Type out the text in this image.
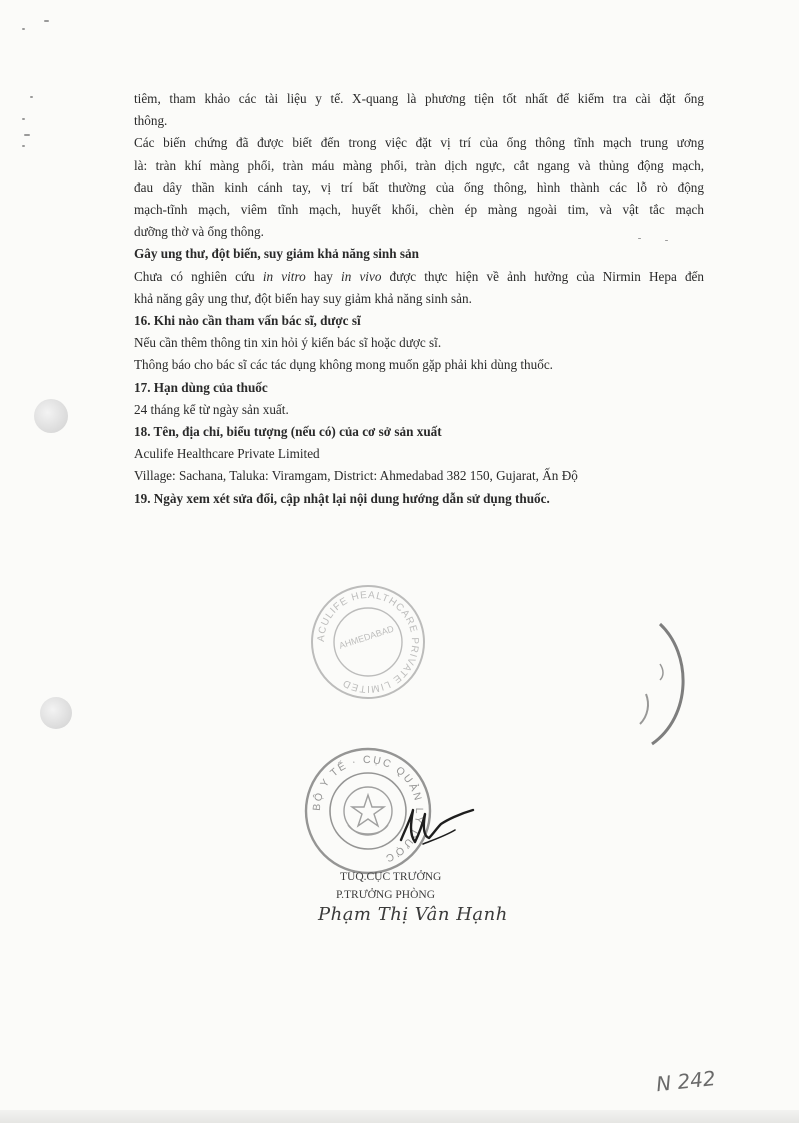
tiêm, tham khảo các tài liệu y tế. X-quang là phương tiện tốt nhất để kiểm tra cài đặt ống

thông.

Các biến chứng đã được biết đến trong việc đặt vị trí của ống thông tĩnh mạch trung ương

là: tràn khí màng phổi, tràn máu màng phổi, tràn dịch ngực, cắt ngang và thủng động mạch,

đau dây thần kinh cánh tay, vị trí bất thường của ống thông, hình thành các lỗ rò động

mạch-tĩnh mạch, viêm tĩnh mạch, huyết khối, chèn ép màng ngoài tim, và vật tắc mạch

dưỡng thờ và ống thông.

Gây ung thư, đột biến, suy giảm khả năng sinh sản

Chưa có nghiên cứu in vitro hay in vivo được thực hiện về ảnh hưởng của Nirmin Hepa đến

khả năng gây ung thư, đột biến hay suy giảm khả năng sinh sản.

16. Khi nào cần tham vấn bác sĩ, dược sĩ

Nếu cần thêm thông tin xin hỏi ý kiến bác sĩ hoặc dược sĩ.

Thông báo cho bác sĩ các tác dụng không mong muốn gặp phải khi dùng thuốc.

17. Hạn dùng của thuốc

24 tháng kể từ ngày sản xuất.

18. Tên, địa chỉ, biểu tượng (nếu có) của cơ sở sản xuất

Aculife Healthcare Private Limited

Village: Sachana, Taluka: Viramgam, District: Ahmedabad 382 150, Gujarat, Ấn Độ

19. Ngày xem xét sửa đổi, cập nhật lại nội dung hướng dẫn sử dụng thuốc.

ACULIFE HEALTHCARE PRIVATE LIMITED
AHMEDABAD
BỘ Y TẾ · CỤC QUẢN LÝ DƯỢC
TUQ.CỤC TRƯỞNG
P.TRƯỞNG PHÒNG
Phạm Thị Vân Hạnh
N 242
